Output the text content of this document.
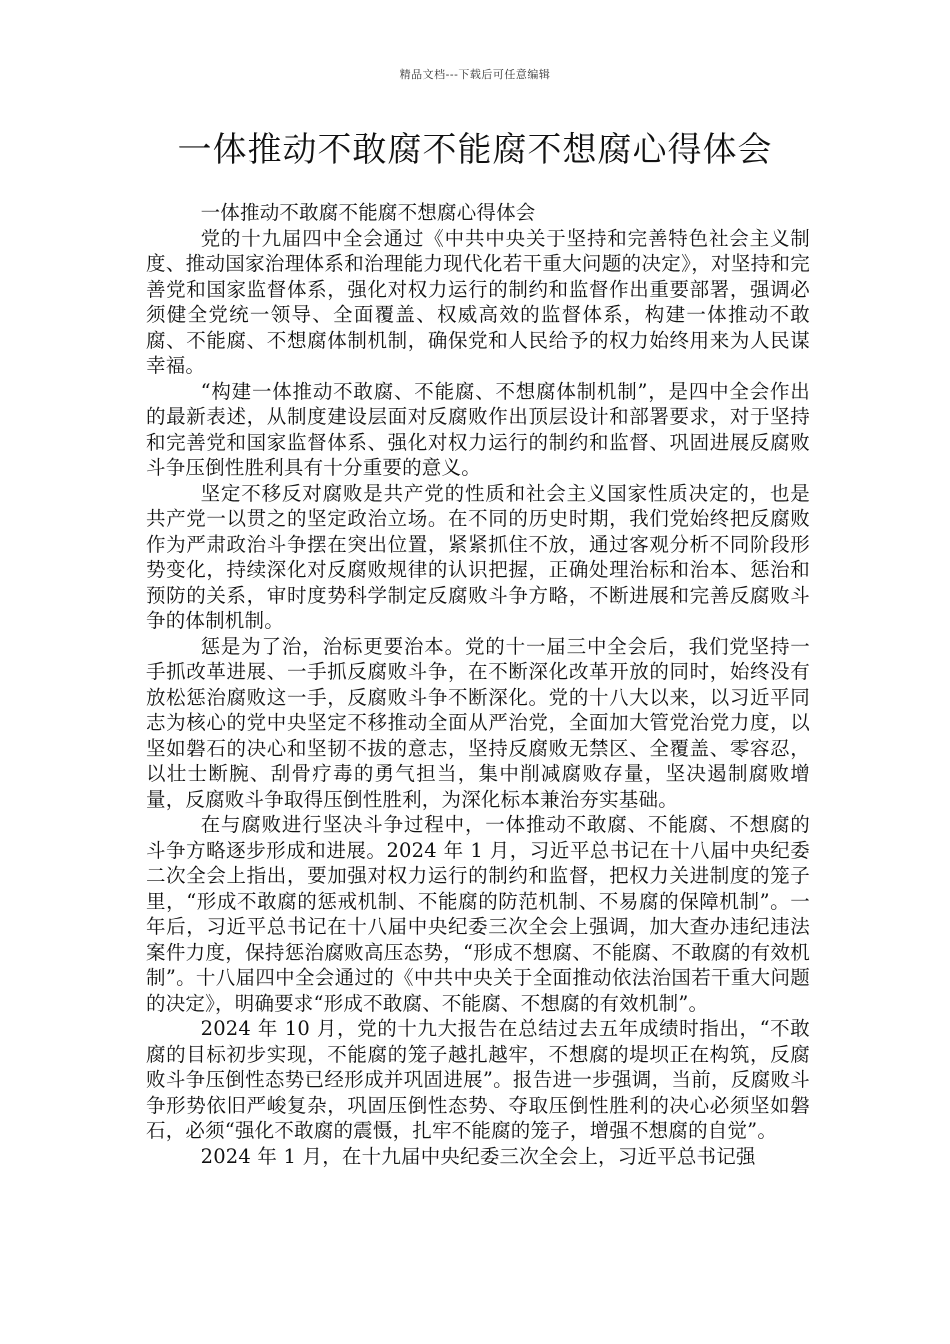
精品文档---下载后可任意编辑
一体推动不敢腐不能腐不想腐心得体会

一体推动不敢腐不能腐不想腐心得体会

党的十九届四中全会通过《中共中央关于坚持和完善特色社会主义制度、推动国家治理体系和治理能力现代化若干重大问题的决定》，对坚持和完善党和国家监督体系，强化对权力运行的制约和监督作出重要部署，强调必须健全党统一领导、全面覆盖、权威高效的监督体系，构建一体推动不敢腐、不能腐、不想腐体制机制，确保党和人民给予的权力始终用来为人民谋幸福。

“构建一体推动不敢腐、不能腐、不想腐体制机制”，是四中全会作出的最新表述，从制度建设层面对反腐败作出顶层设计和部署要求，对于坚持和完善党和国家监督体系、强化对权力运行的制约和监督、巩固进展反腐败斗争压倒性胜利具有十分重要的意义。

坚定不移反对腐败是共产党的性质和社会主义国家性质决定的，也是共产党一以贯之的坚定政治立场。在不同的历史时期，我们党始终把反腐败作为严肃政治斗争摆在突出位置，紧紧抓住不放，通过客观分析不同阶段形势变化，持续深化对反腐败规律的认识把握，正确处理治标和治本、惩治和预防的关系，审时度势科学制定反腐败斗争方略，不断进展和完善反腐败斗争的体制机制。

惩是为了治，治标更要治本。党的十一届三中全会后，我们党坚持一手抓改革进展、一手抓反腐败斗争，在不断深化改革开放的同时，始终没有放松惩治腐败这一手，反腐败斗争不断深化。党的十八大以来，以习近平同志为核心的党中央坚定不移推动全面从严治党，全面加大管党治党力度，以坚如磐石的决心和坚韧不拔的意志，坚持反腐败无禁区、全覆盖、零容忍，以壮士断腕、刮骨疗毒的勇气担当，集中削减腐败存量，坚决遏制腐败增量，反腐败斗争取得压倒性胜利，为深化标本兼治夯实基础。

在与腐败进行坚决斗争过程中，一体推动不敢腐、不能腐、不想腐的斗争方略逐步形成和进展。2024 年 1 月，习近平总书记在十八届中央纪委二次全会上指出，要加强对权力运行的制约和监督，把权力关进制度的笼子里，“形成不敢腐的惩戒机制、不能腐的防范机制、不易腐的保障机制”。一年后，习近平总书记在十八届中央纪委三次全会上强调，加大查办违纪违法案件力度，保持惩治腐败高压态势，“形成不想腐、不能腐、不敢腐的有效机制”。十八届四中全会通过的《中共中央关于全面推动依法治国若干重大问题的决定》，明确要求“形成不敢腐、不能腐、不想腐的有效机制”。

2024 年 10 月，党的十九大报告在总结过去五年成绩时指出，“不敢腐的目标初步实现，不能腐的笼子越扎越牢，不想腐的堤坝正在构筑，反腐败斗争压倒性态势已经形成并巩固进展”。报告进一步强调，当前，反腐败斗争形势依旧严峻复杂，巩固压倒性态势、夺取压倒性胜利的决心必须坚如磐石，必须“强化不敢腐的震慑，扎牢不能腐的笼子，增强不想腐的自觉”。

2024 年 1 月，在十九届中央纪委三次全会上，习近平总书记强
